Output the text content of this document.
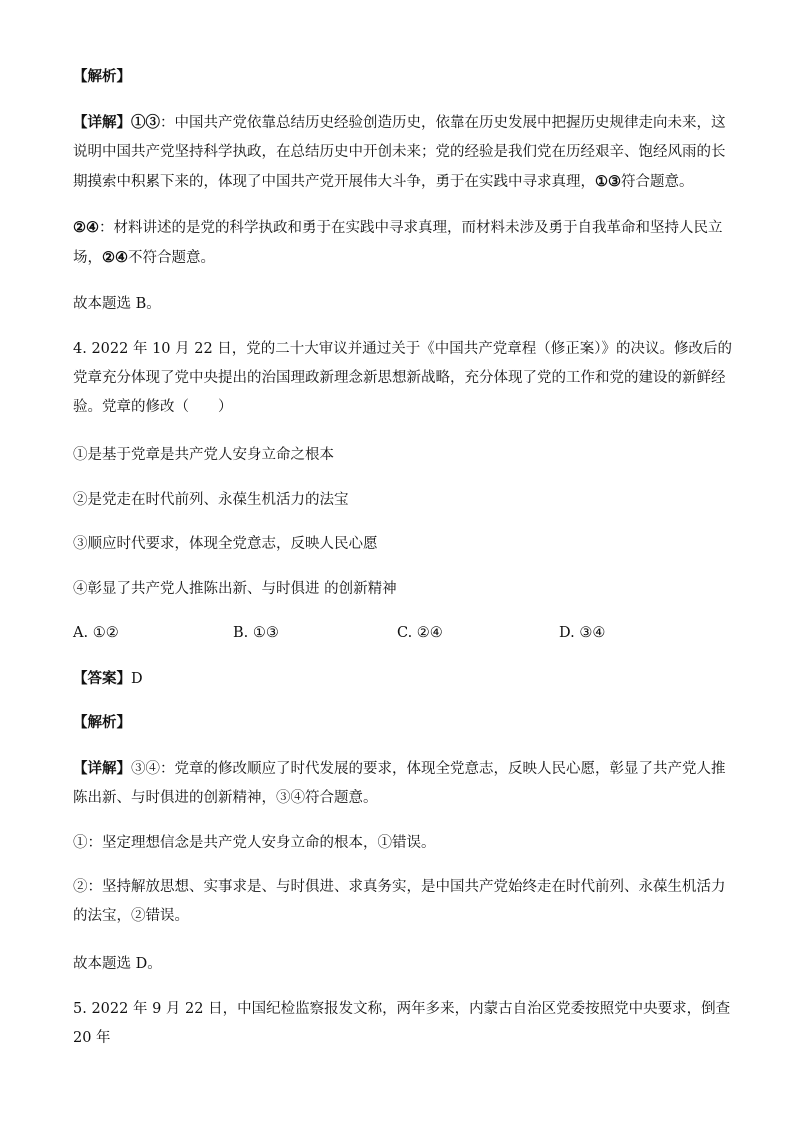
【解析】

【详解】①③：中国共产党依靠总结历史经验创造历史，依靠在历史发展中把握历史规律走向未来，这说明中国共产党坚持科学执政，在总结历史中开创未来；党的经验是我们党在历经艰辛、饱经风雨的长期摸索中积累下来的，体现了中国共产党开展伟大斗争，勇于在实践中寻求真理，①③符合题意。

②④：材料讲述的是党的科学执政和勇于在实践中寻求真理，而材料未涉及勇于自我革命和坚持人民立场，②④不符合题意。

故本题选 B。

4. 2022 年 10 月 22 日，党的二十大审议并通过关于《中国共产党章程（修正案）》的决议。修改后的党章充分体现了党中央提出的治国理政新理念新思想新战略，充分体现了党的工作和党的建设的新鲜经验。党章的修改（　　）

①是基于党章是共产党人安身立命之根本

②是党走在时代前列、永葆生机活力的法宝

③顺应时代要求，体现全党意志，反映人民心愿

④彰显了共产党人推陈出新、与时俱进 的创新精神

A. ①②	B. ①③	C. ②④	D. ③④

【答案】D

【解析】

【详解】③④：党章的修改顺应了时代发展的要求，体现全党意志，反映人民心愿，彰显了共产党人推陈出新、与时俱进的创新精神，③④符合题意。

①：坚定理想信念是共产党人安身立命的根本，①错误。

②：坚持解放思想、实事求是、与时俱进、求真务实，是中国共产党始终走在时代前列、永葆生机活力的法宝，②错误。

故本题选 D。

5. 2022 年 9 月 22 日，中国纪检监察报发文称，两年多来，内蒙古自治区党委按照党中央要求，倒查 20 年
